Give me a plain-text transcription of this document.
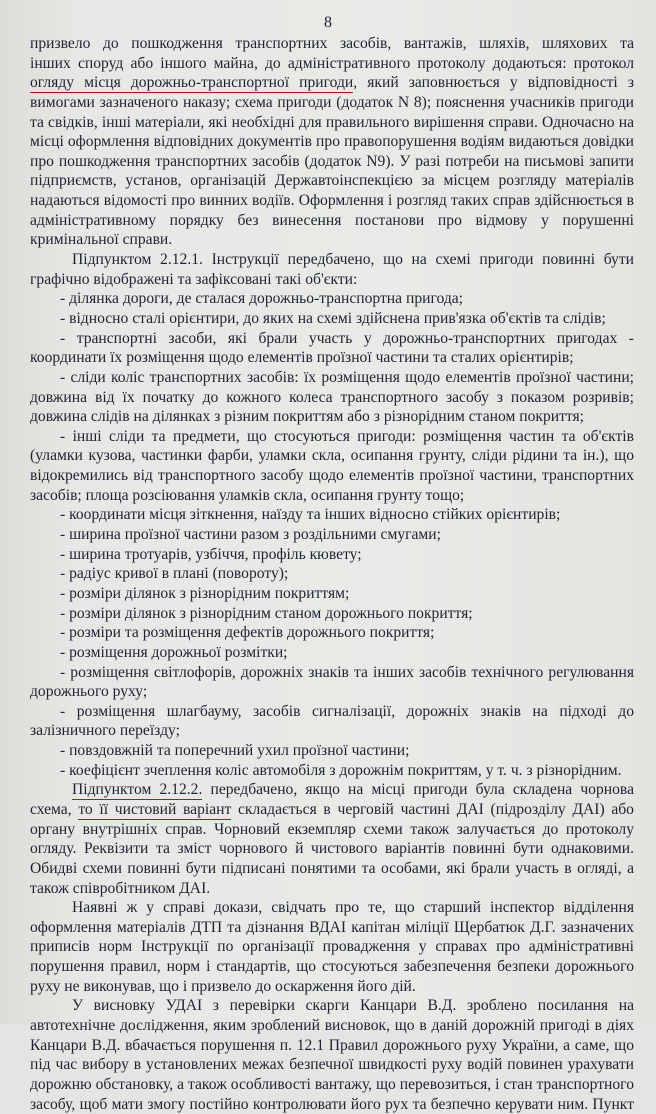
8
призвело до пошкодження транспортних засобів, вантажів, шляхів, шляхових та
інших споруд або іншого майна, до адміністративного протоколу додаються: протокол
огляду місця дорожньо-транспортної пригоди, який заповнюється у відповідності з
вимогами зазначеного наказу; схема пригоди (додаток N 8); пояснення учасників пригоди
та свідків, інші матеріали, які необхідні для правильного вирішення справи. Одночасно на
місці оформлення відповідних документів про правопорушення водіям видаються довідки
про пошкодження транспортних засобів (додаток N9). У разі потреби на письмові запити
підприємств, установ, організацій Державтоінспекцією за місцем розгляду матеріалів
надаються відомості про винних водіїв. Оформлення і розгляд таких справ здійснюється в
адміністративному порядку без винесення постанови про відмову у порушенні
кримінальної справи.
Підпунктом 2.12.1. Інструкції передбачено, що на схемі пригоди повинні бути
графічно відображені та зафіксовані такі об'єкти:
- ділянка дороги, де сталася дорожньо-транспортна пригода;
- відносно сталі орієнтири, до яких на схемі здійснена прив'язка об'єктів та слідів;
- транспортні засоби, які брали участь у дорожньо-транспортних пригодах -
координати їх розміщення щодо елементів проїзної частини та сталих орієнтирів;
- сліди коліс транспортних засобів: їх розміщення щодо елементів проїзної частини;
довжина від їх початку до кожного колеса транспортного засобу з показом розривів;
довжина слідів на ділянках з різним покриттям або з різнорідним станом покриття;
- інші сліди та предмети, що стосуються пригоди: розміщення частин та об'єктів
(уламки кузова, частинки фарби, уламки скла, осипання грунту, сліди рідини та ін.), що
відокремились від транспортного засобу щодо елементів проїзної частини, транспортних
засобів; площа розсіювання уламків скла, осипання грунту тощо;
- координати місця зіткнення, наїзду та інших відносно стійких орієнтирів;
- ширина проїзної частини разом з роздільними смугами;
- ширина тротуарів, узбіччя, профіль кювету;
- радіус кривої в плані (повороту);
- розміри ділянок з різнорідним покриттям;
- розміри ділянок з різнорідним станом дорожнього покриття;
- розміри та розміщення дефектів дорожнього покриття;
- розміщення дорожньої розмітки;
- розміщення світлофорів, дорожніх знаків та інших засобів технічного регулювання
дорожнього руху;
- розміщення шлагбауму, засобів сигналізації, дорожніх знаків на підході до
залізничного переїзду;
- повздовжній та поперечний ухил проїзної частини;
- коефіцієнт зчеплення коліс автомобіля з дорожнім покриттям, у т. ч. з різнорідним.
Підпунктом 2.12.2. передбачено, якщо на місці пригоди була складена чорнова
схема, то її чистовий варіант складається в черговій частині ДАІ (підрозділу ДАІ) або
органу внутрішніх справ. Чорновий екземпляр схеми також залучається до протоколу
огляду. Реквізити та зміст чорнового й чистового варіантів повинні бути однаковими.
Обидві схеми повинні бути підписані понятими та особами, які брали участь в огляді, а
також співробітником ДАІ.
Наявні ж у справі докази, свідчать про те, що старший інспектор відділення
оформлення матеріалів ДТП та дізнання ВДАІ капітан міліції Щербатюк Д.Г. зазначених
приписів норм Інструкції по організації провадження у справах про адміністративні
порушення правил, норм і стандартів, що стосуються забезпечення безпеки дорожнього
руху не виконував, що і призвело до оскарження його дій.
У висновку УДАІ з перевірки скарги Канцари В.Д. зроблено посилання на
автотехнічне дослідження, яким зроблений висновок, що в даній дорожній пригоді в діях
Канцари В.Д. вбачається порушення п. 12.1 Правил дорожнього руху України, а саме, що
під час вибору в установлених межах безпечної швидкості руху водій повинен урахувати
дорожню обстановку, а також особливості вантажу, що перевозиться, і стан транспортного
засобу, щоб мати змогу постійно контролювати його рух та безпечно керувати ним. Пункт
